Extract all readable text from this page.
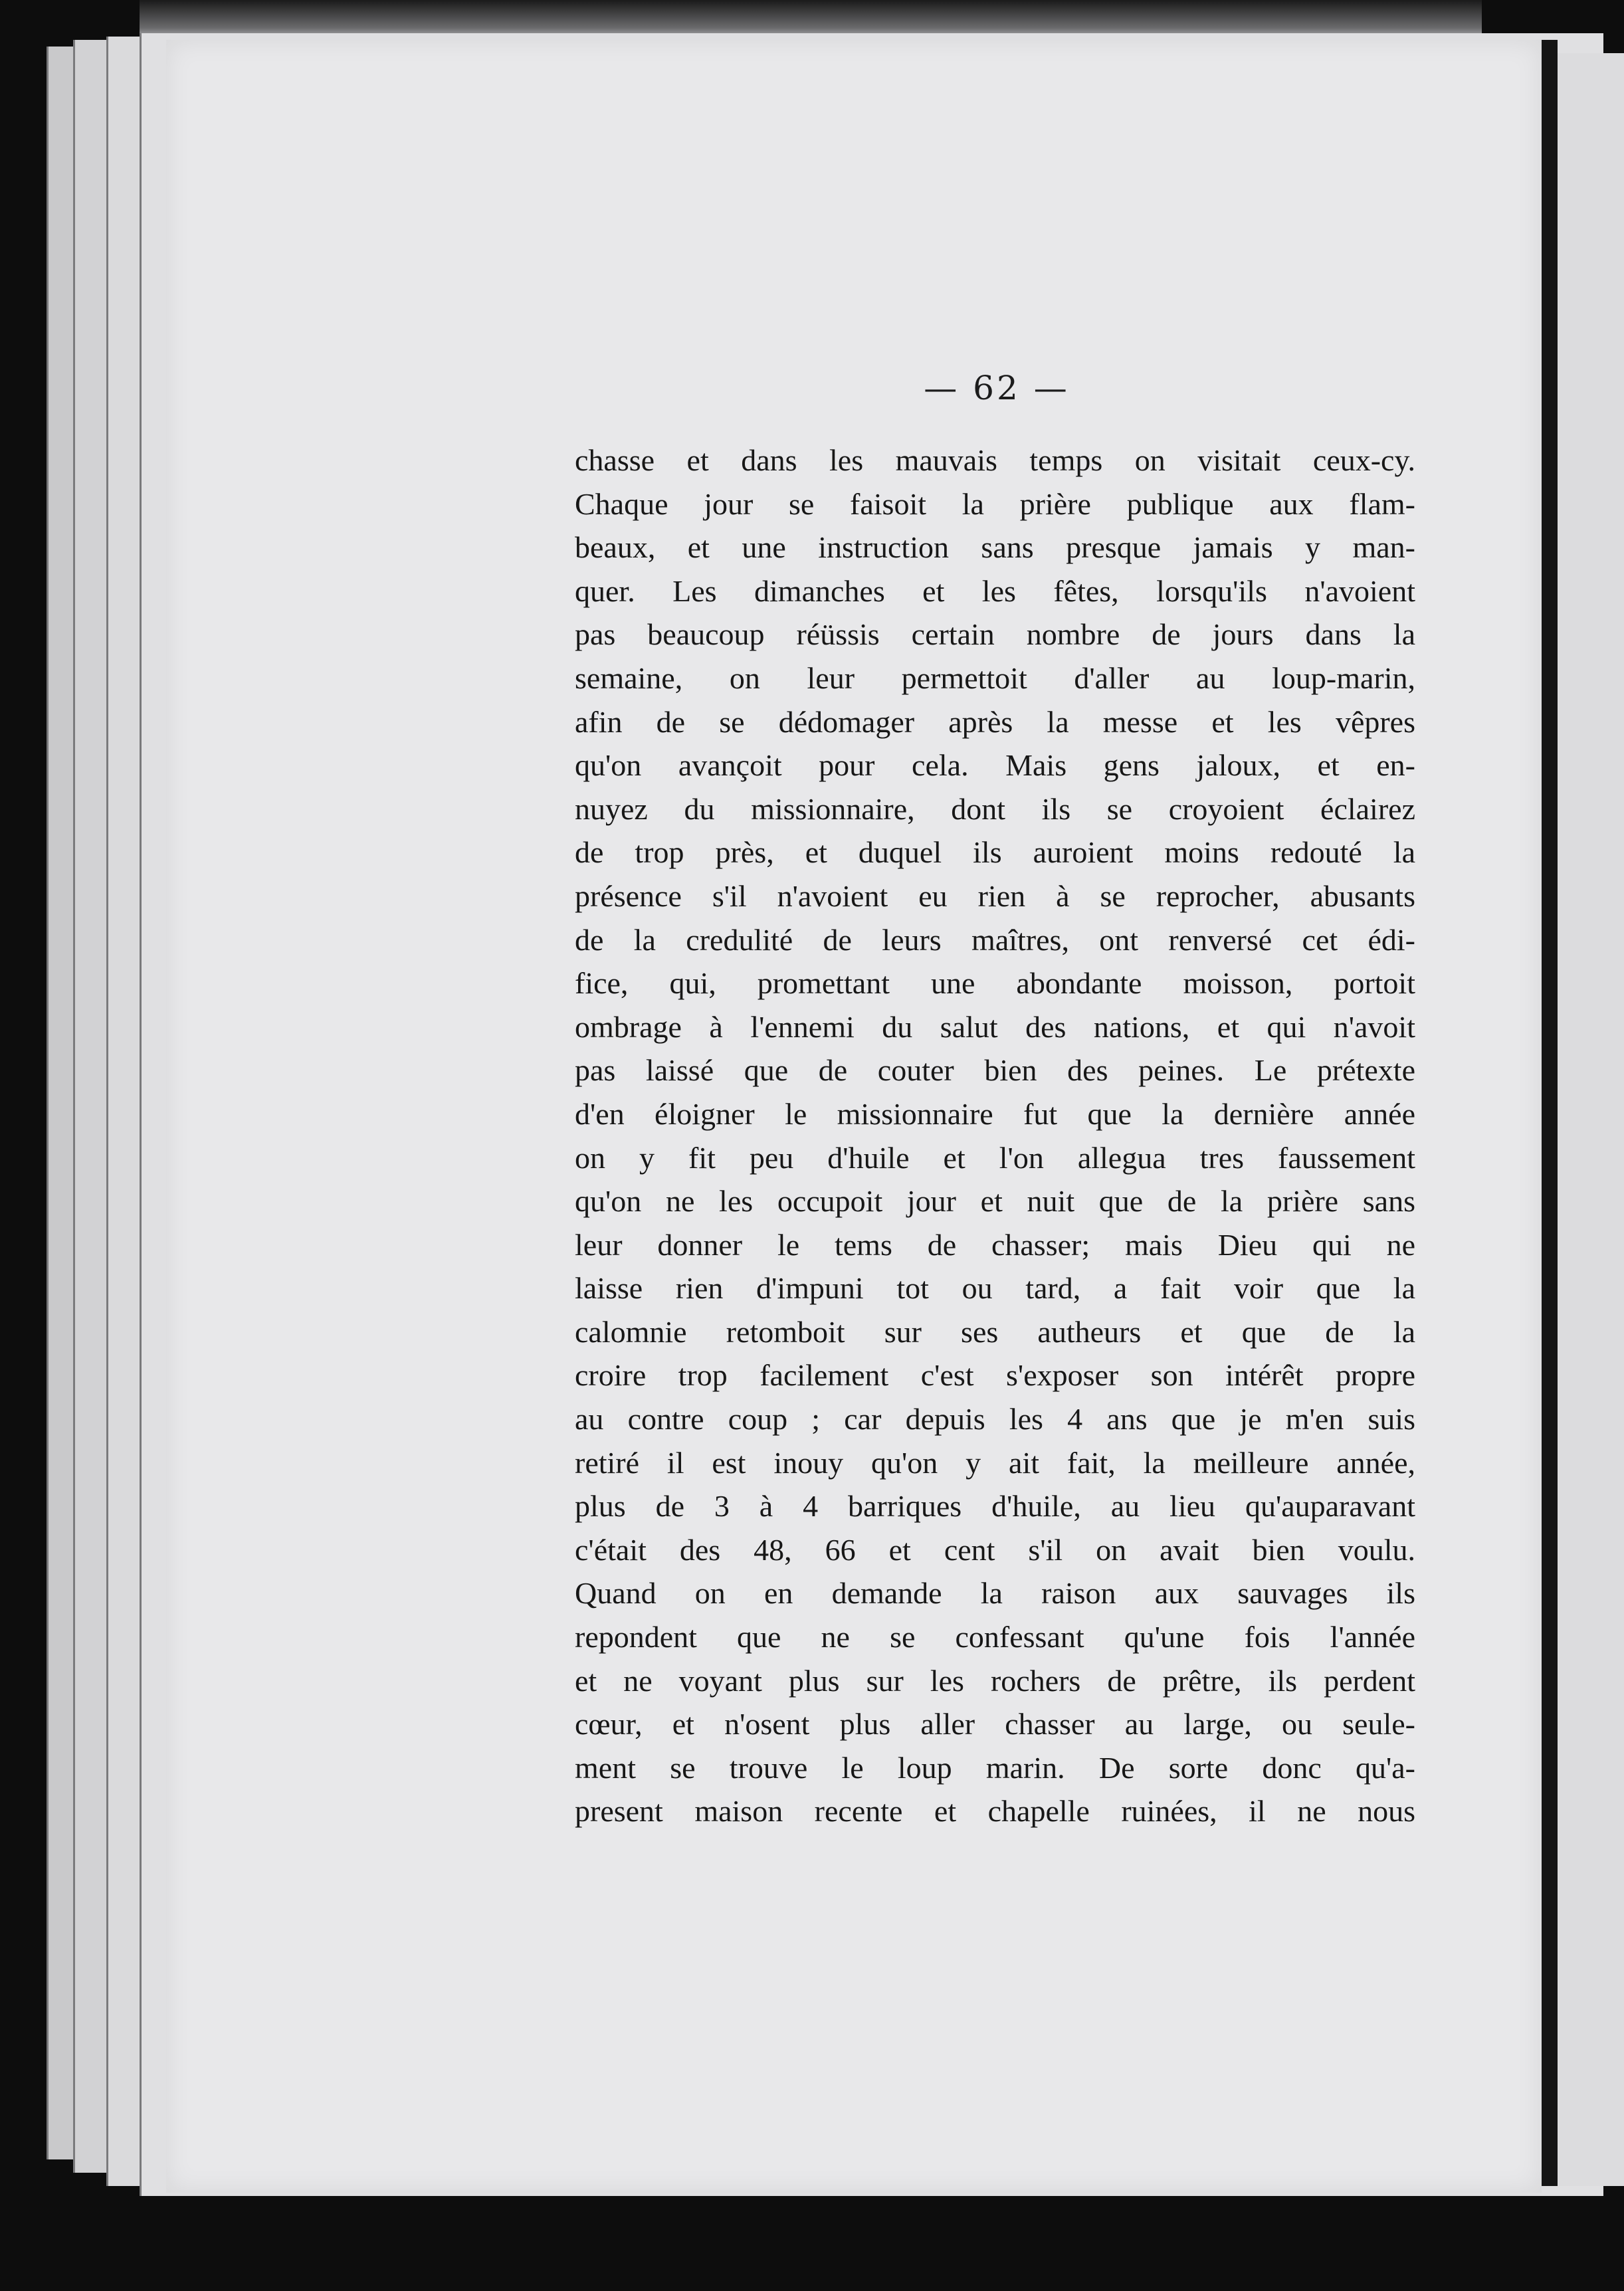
— 62 —
chasse et dans les mauvais temps on visitait ceux-cy.
Chaque jour se faisoit la prière publique aux flam-
beaux, et une instruction sans presque jamais y man-
quer. Les dimanches et les fêtes, lorsqu'ils n'avoient
pas beaucoup réüssis certain nombre de jours dans la
semaine, on leur permettoit d'aller au loup-marin,
afin de se dédomager après la messe et les vêpres
qu'on avançoit pour cela. Mais gens jaloux, et en-
nuyez du missionnaire, dont ils se croyoient éclairez
de trop près, et duquel ils auroient moins redouté la
présence s'il n'avoient eu rien à se reprocher, abusants
de la credulité de leurs maîtres, ont renversé cet édi-
fice, qui, promettant une abondante moisson, portoit
ombrage à l'ennemi du salut des nations, et qui n'avoit
pas laissé que de couter bien des peines. Le prétexte
d'en éloigner le missionnaire fut que la dernière année
on y fit peu d'huile et l'on allegua tres faussement
qu'on ne les occupoit jour et nuit que de la prière sans
leur donner le tems de chasser; mais Dieu qui ne
laisse rien d'impuni tot ou tard, a fait voir que la
calomnie retomboit sur ses autheurs et que de la
croire trop facilement c'est s'exposer son intérêt propre
au contre coup ; car depuis les 4 ans que je m'en suis
retiré il est inouy qu'on y ait fait, la meilleure année,
plus de 3 à 4 barriques d'huile, au lieu qu'auparavant
c'était des 48, 66 et cent s'il on avait bien voulu.
Quand on en demande la raison aux sauvages ils
repondent que ne se confessant qu'une fois l'année
et ne voyant plus sur les rochers de prêtre, ils perdent
cœur, et n'osent plus aller chasser au large, ou seule-
ment se trouve le loup marin. De sorte donc qu'a-
present maison recente et chapelle ruinées, il ne nous
